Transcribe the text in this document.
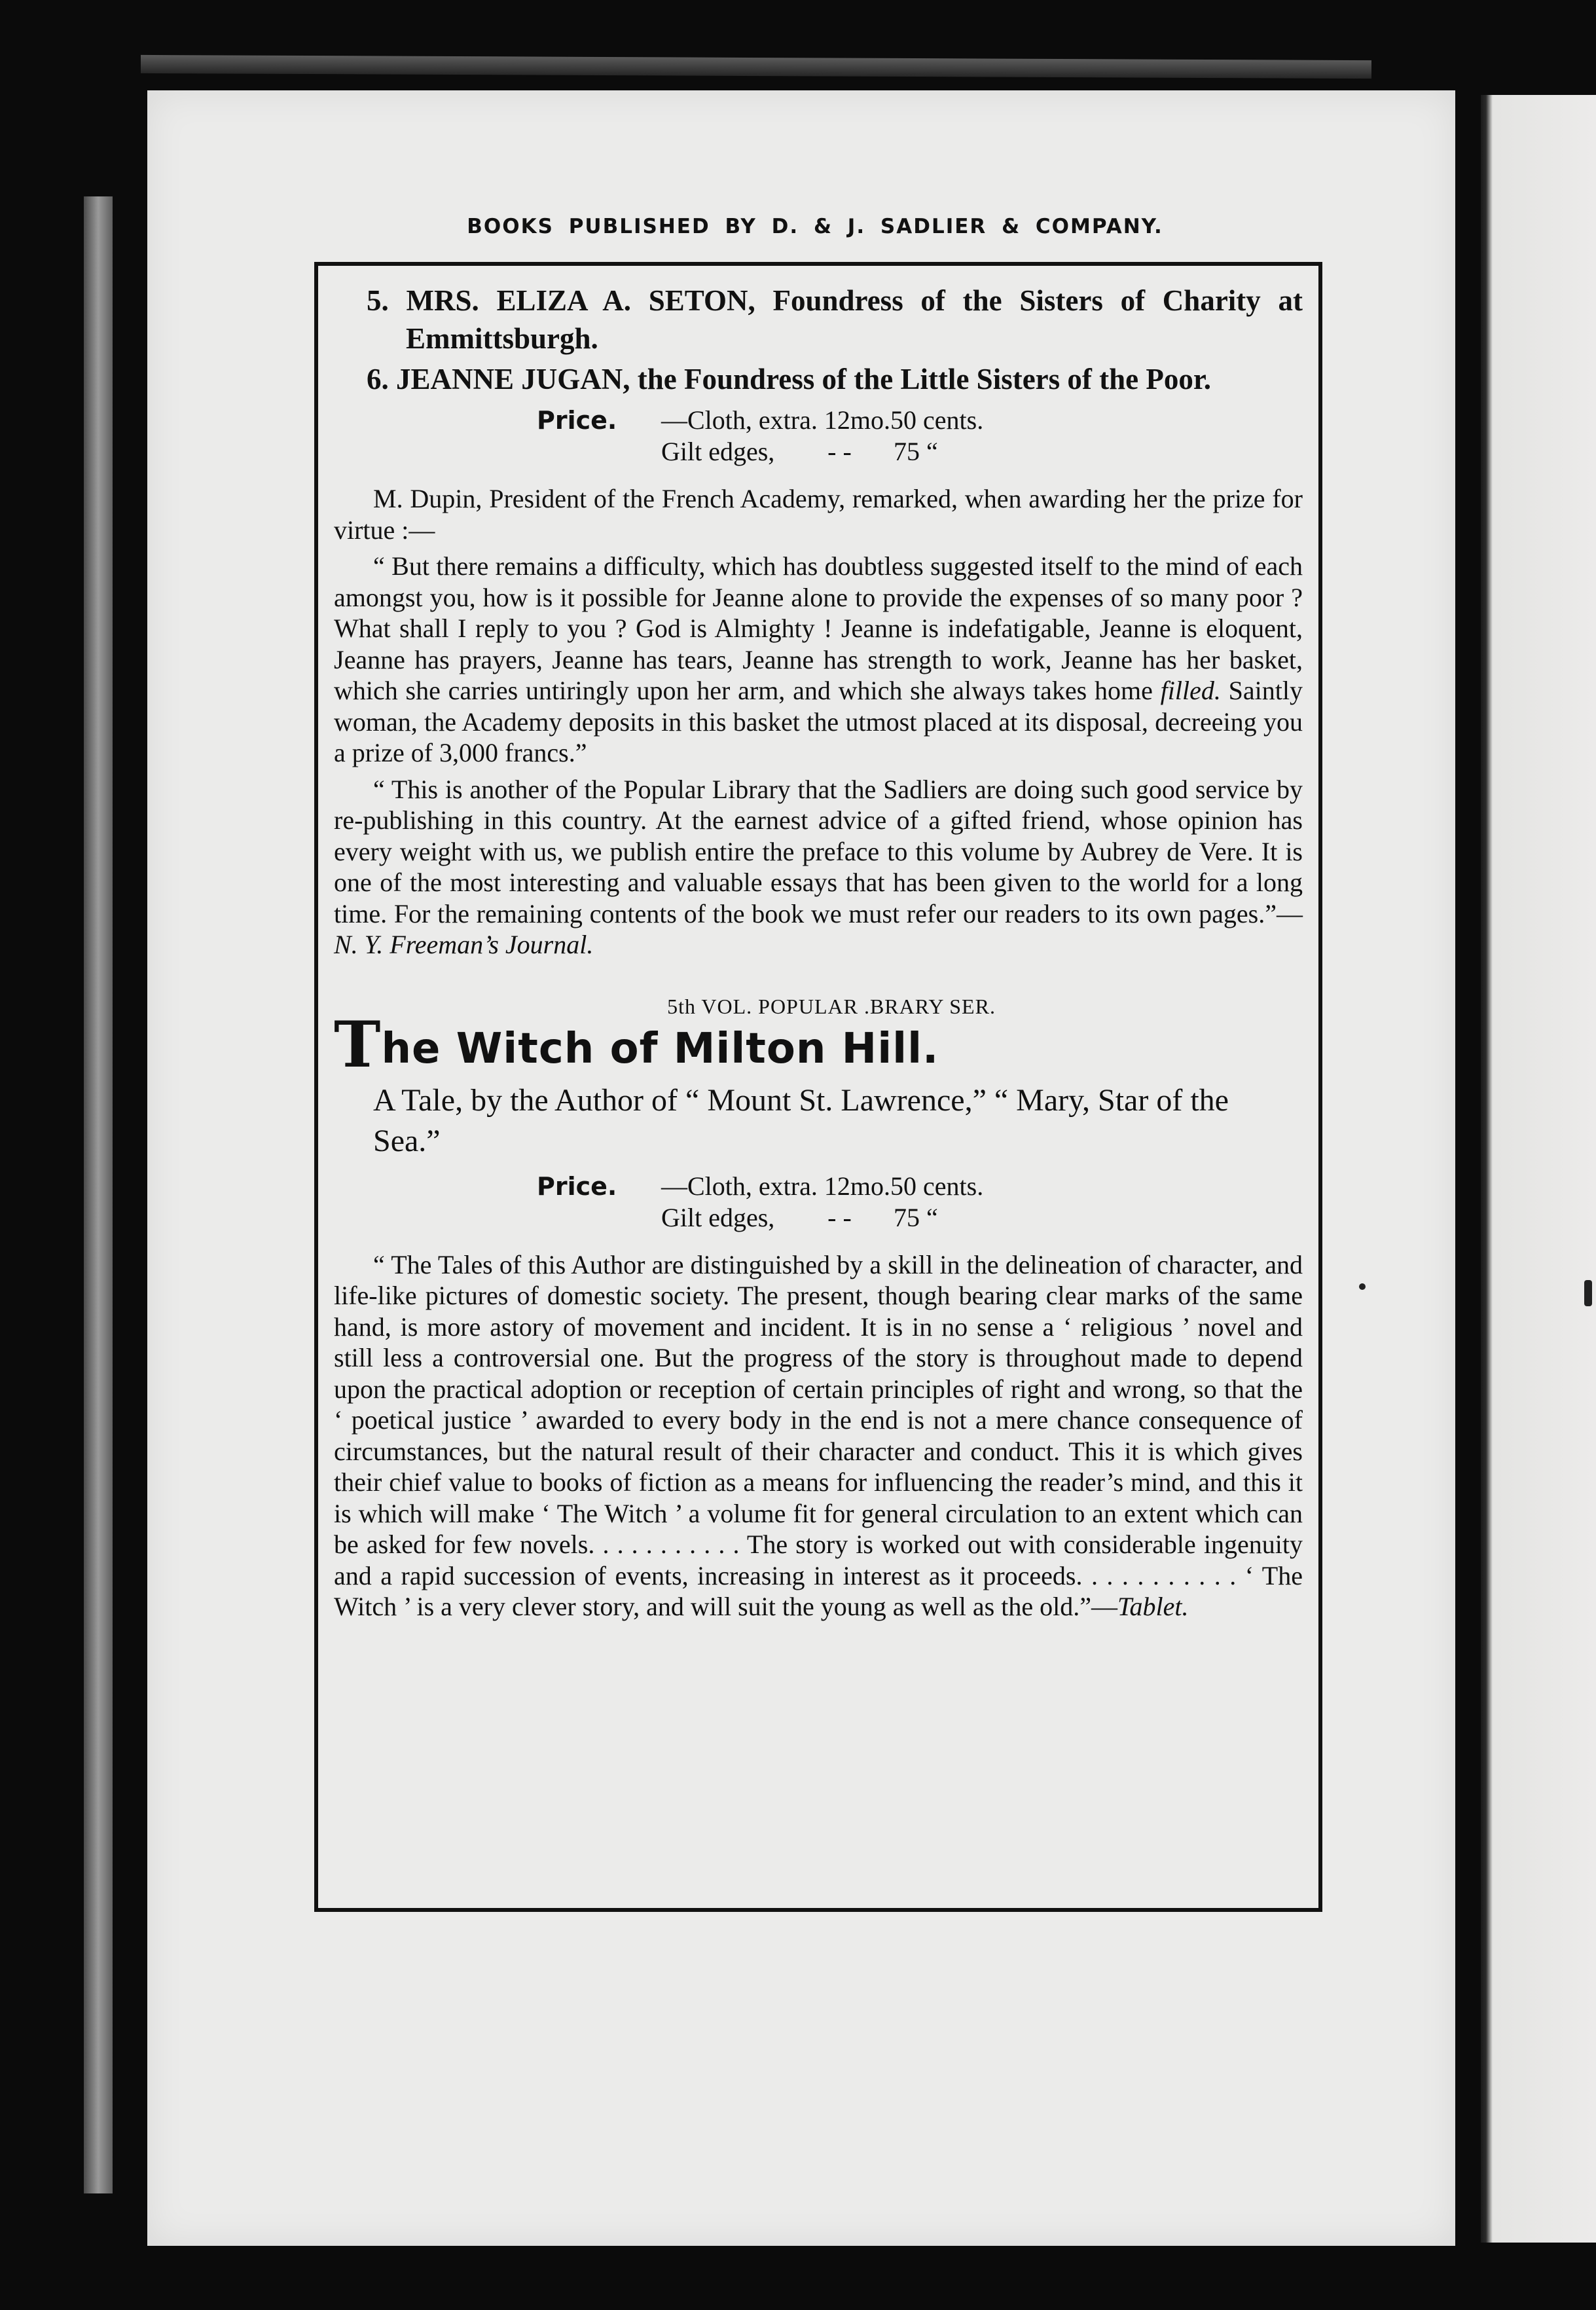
BOOKS PUBLISHED BY D. & J. SADLIER & COMPANY.

5. MRS. ELIZA A. SETON, Foundress of the Sisters of Charity at Emmittsburgh.

6. JEANNE JUGAN, the Foundress of the Little Sisters of the Poor.

Price.	—Cloth, extra. 12mo. 50 cents.
Gilt edges,	- -	75 “

M. Dupin, President of the French Academy, remarked, when awarding her the prize for virtue :—

“ But there remains a difficulty, which has doubtless suggested itself to the mind of each amongst you, how is it possible for Jeanne alone to provide the expenses of so many poor ? What shall I reply to you ? God is Almighty ! Jeanne is indefatigable, Jeanne is eloquent, Jeanne has prayers, Jeanne has tears, Jeanne has strength to work, Jeanne has her basket, which she carries untiringly upon her arm, and which she always takes home filled. Saintly woman, the Academy deposits in this basket the utmost placed at its disposal, decreeing you a prize of 3,000 francs.”

“ This is another of the Popular Library that the Sadliers are doing such good service by re-publishing in this country. At the earnest advice of a gifted friend, whose opinion has every weight with us, we publish entire the preface to this volume by Aubrey de Vere. It is one of the most interesting and valuable essays that has been given to the world for a long time. For the remaining contents of the book we must refer our readers to its own pages.”—N. Y. Freeman’s Journal.

5th VOL. POPULAR .BRARY SER.
The Witch of Milton Hill.

A Tale, by the Author of “ Mount St. Lawrence,” “ Mary, Star of the Sea.”

Price.	—Cloth, extra. 12mo. 50 cents.
Gilt edges,	- -	75 “

“ The Tales of this Author are distinguished by a skill in the delineation of character, and life-like pictures of domestic society. The present, though bearing clear marks of the same hand, is more astory of movement and incident. It is in no sense a ‘ religious ’ novel and still less a controversial one. But the progress of the story is throughout made to depend upon the practical adoption or reception of certain principles of right and wrong, so that the ‘ poetical justice ’ awarded to every body in the end is not a mere chance consequence of circumstances, but the natural result of their character and conduct. This it is which gives their chief value to books of fiction as a means for influencing the reader’s mind, and this it is which will make ‘ The Witch ’ a volume fit for general circulation to an extent which can be asked for few novels. . . . . . . . . . . The story is worked out with considerable ingenuity and a rapid succession of events, increasing in interest as it proceeds. . . . . . . . . . . ‘ The Witch ’ is a very clever story, and will suit the young as well as the old.”—Tablet.
